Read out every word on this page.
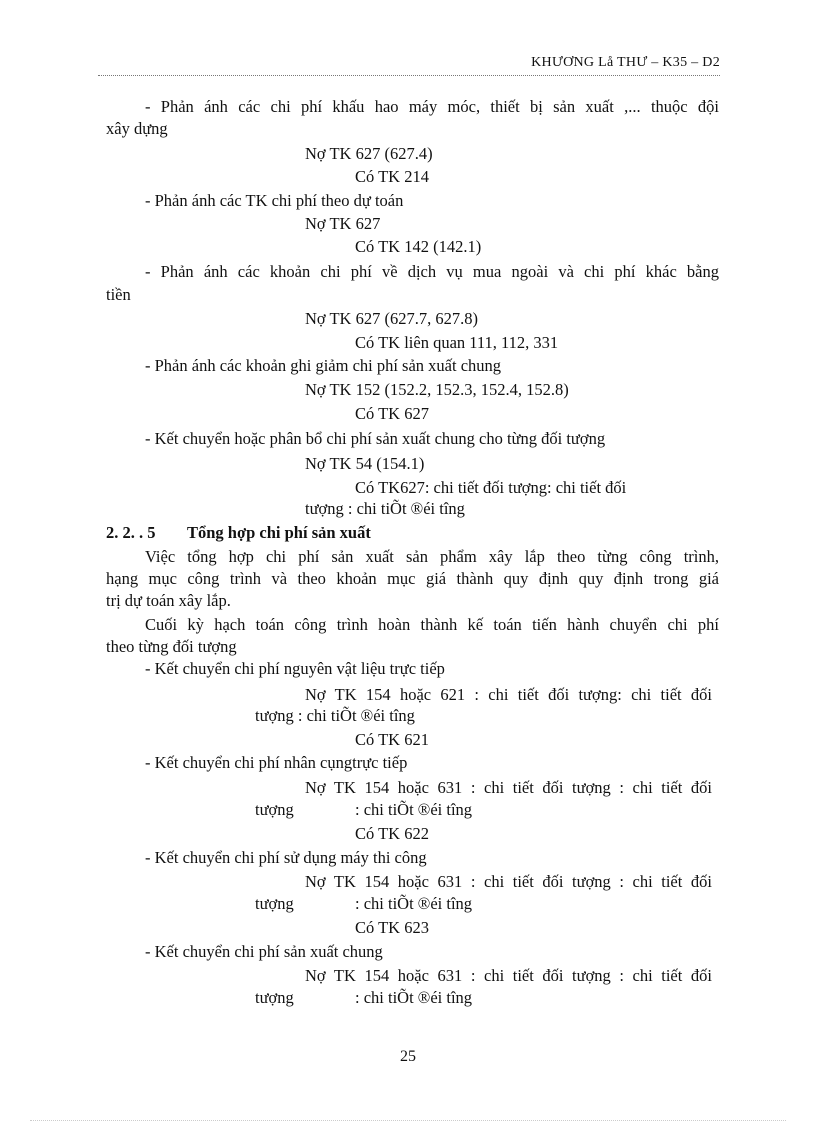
KHƯƠNG Lå THƯ – K35 – D2
- Phản ánh các chi phí khấu hao máy móc, thiết bị sản xuất ,... thuộc đội
xây dựng
Nợ TK 627 (627.4)
Có TK 214
- Phản ánh các TK chi phí theo dự toán
Nợ TK 627
Có TK 142 (142.1)
- Phản ánh các khoản chi phí về dịch vụ mua ngoài và chi phí khác bằng
tiền
Nợ TK 627 (627.7, 627.8)
Có TK liên quan 111, 112, 331
- Phản ánh các khoản ghi giảm chi phí sản xuất chung
Nợ TK 152 (152.2, 152.3, 152.4, 152.8)
Có TK 627
- Kết chuyển hoặc phân bổ chi phí sản xuất chung cho từng đối tượng
Nợ TK 54 (154.1)
Có TK627: chi tiết đối tượng: chi tiết đối
tượng : chi tiÕt ®éi tîng
2. 2. . 5 Tổng hợp chi phí sản xuất
Việc tổng hợp chi phí sản xuất sản phẩm xây lắp theo từng công trình,
hạng mục công trình và theo khoản mục giá thành quy định quy định trong giá
trị dự toán xây lắp.
Cuối kỳ hạch toán công trình hoàn thành kế toán tiến hành chuyển chi phí
theo từng đối tượng
- Kết chuyển chi phí nguyên vật liệu trực tiếp
Nợ TK 154 hoặc 621 : chi tiết đối tượng: chi tiết đối
tượng : chi tiÕt ®éi tîng
Có TK 621
- Kết chuyển chi phí nhân cụngtrực tiếp
Nợ TK 154 hoặc 631 : chi tiết đối tượng : chi tiết đối
tượng	: chi tiÕt ®éi tîng
Có TK 622
- Kết chuyển chi phí sử dụng máy thi công
Nợ TK 154 hoặc 631 : chi tiết đối tượng : chi tiết đối
tượng	: chi tiÕt ®éi tîng
Có TK 623
- Kết chuyển chi phí sản xuất chung
Nợ TK 154 hoặc 631 : chi tiết đối tượng : chi tiết đối
tượng	: chi tiÕt ®éi tîng
25
